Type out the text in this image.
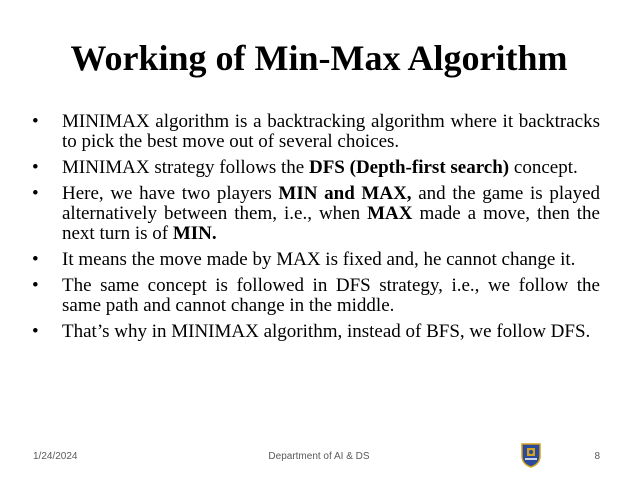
Working of Min-Max Algorithm
•	MINIMAX algorithm is a backtracking algorithm where it backtracks to pick the best move out of several choices.
•	MINIMAX strategy follows the DFS (Depth-first search) concept.
•	Here, we have two players MIN and MAX, and the game is played alternatively between them, i.e., when MAX made a move, then the next turn is of MIN.
•	It means the move made by MAX is fixed and, he cannot change it.
•	The same concept is followed in DFS strategy, i.e., we follow the same path and cannot change in the middle.
•	That’s why in MINIMAX algorithm, instead of BFS, we follow DFS.
1/24/2024	Department of AI & DS	8
